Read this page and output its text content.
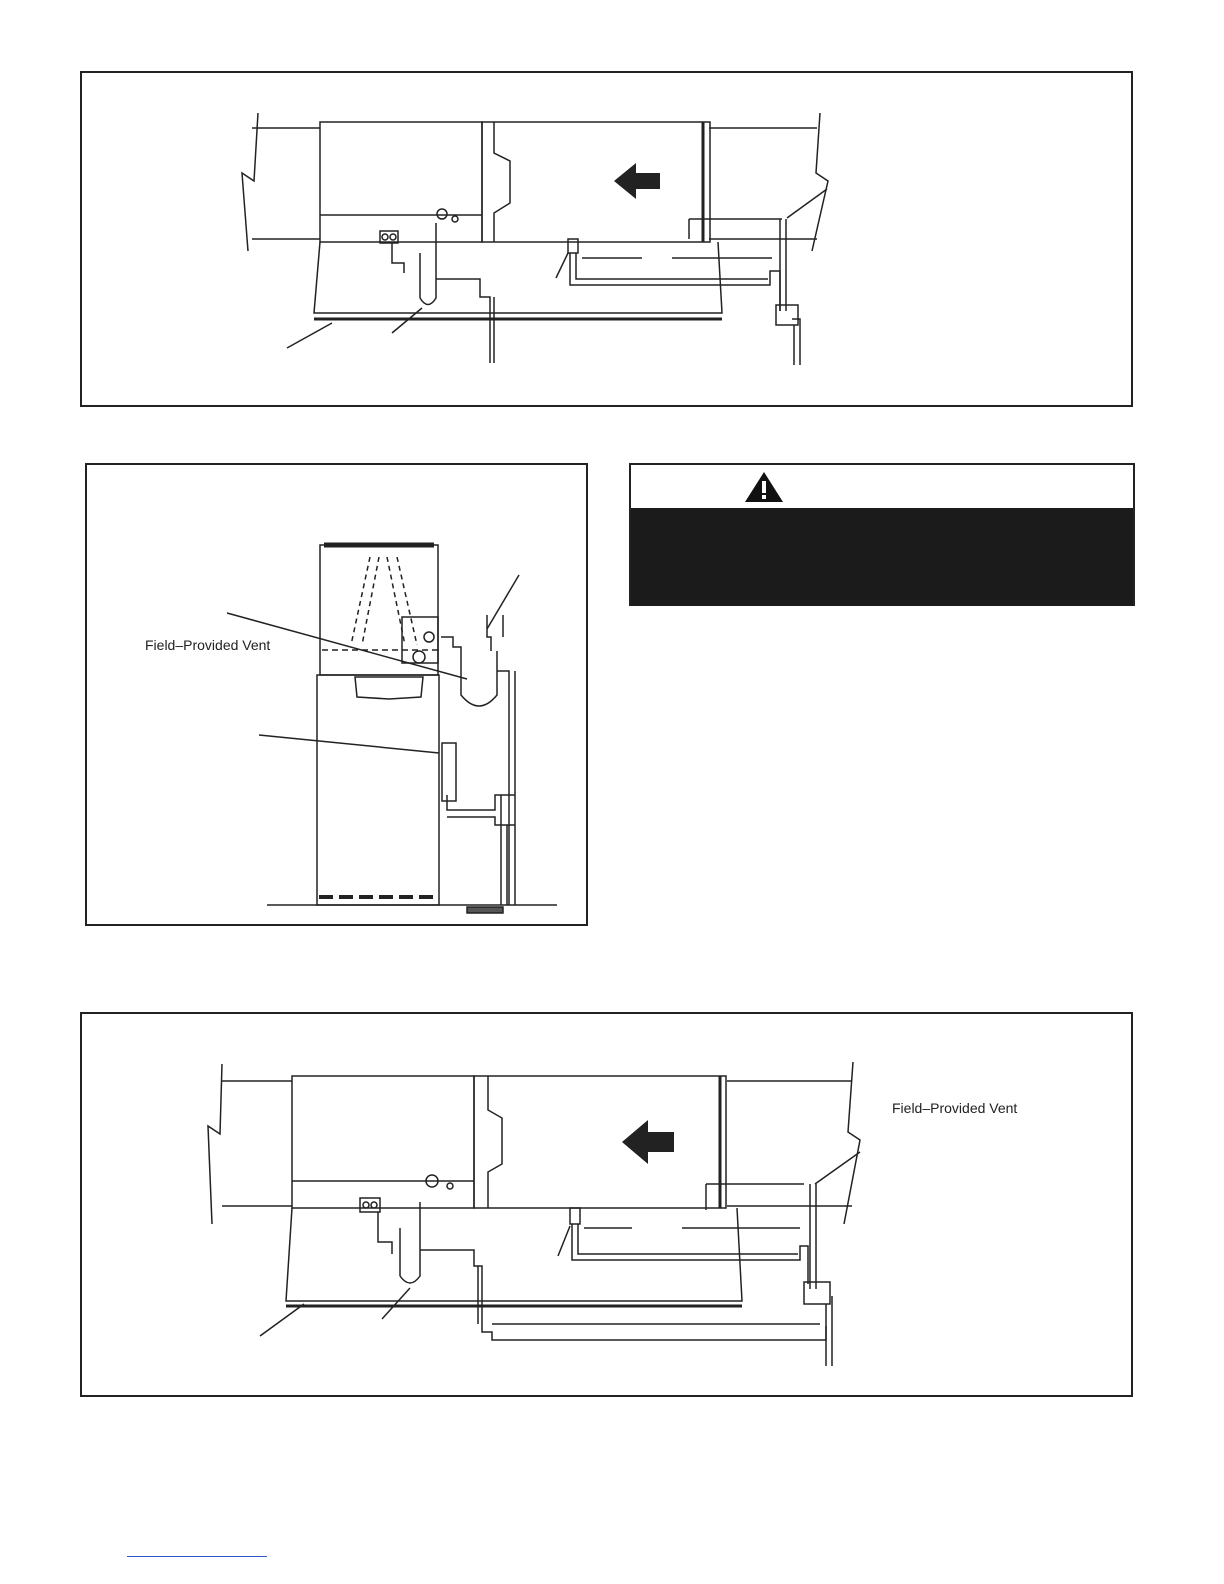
Field–Provided Vent
Field–Provided Vent
